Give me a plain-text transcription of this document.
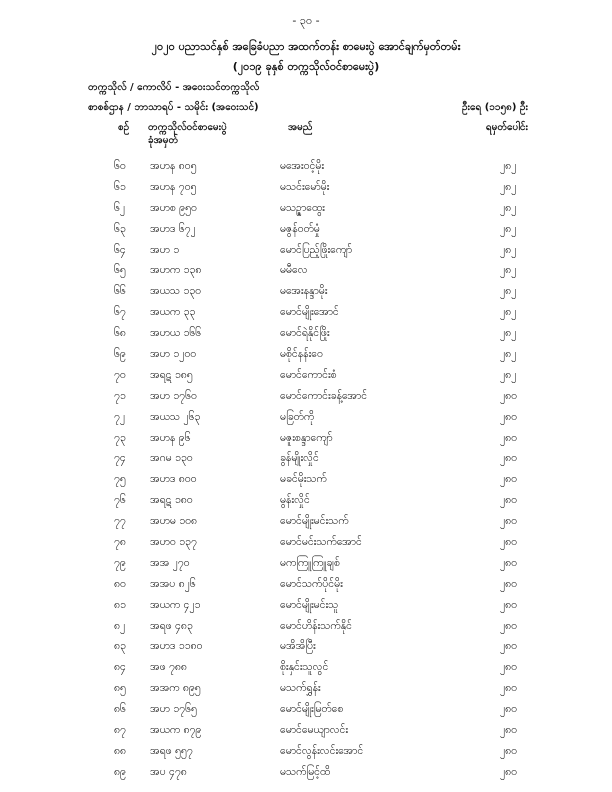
- ၃၀ -
၂၀၂၀ ပညာသင်နှစ် အခြေခံပညာ အထက်တန်း စာမေးပွဲ အောင်ချက်မှတ်တမ်း
(၂၀၁၉ ခုနှစ် တက္ကသိုလ်ဝင်စာမေးပွဲ)
တက္ကသိုလ် / ကောလိပ် - အဝေးသင်တက္ကသိုလ်
စာစစ်ဌာန / ဘာသာရပ် - သမိုင်း (အဝေးသင်)	ဦးရေ (၁၁၅၈) ဦး
စဉ် တက္ကသိုလ်ဝင်စာမေးပွဲ
ခုံအမှတ်
အမည်	ရမှတ်ပေါင်း
၆၀ အဟန ၈၀၅	မအေးဝင့်မိုး	၂၈၂
၆၁ အဟန ၇၀၅	မသင်းမော်မိုး	၂၈၂
၆၂ အဟစ ၉၅၀	မသဉ္ဇာထွေး	၂၈၂
၆၃ အဟဒ ၆၇၂	မဇွန်ဝတ်မှုံ	၂၈၂
၆၄ အဟ ၁	မောင်ပြည့်ဖြိုးကျော်	၂၈၂
၆၅ အဟက ၁၃၈	မမီလေ	၂၈၂
၆၆ အယသ ၁၃၀	မအေးနန္ဒာမိုး	၂၈၂
၆၇ အယက ၃၃	မောင်မျိုးအောင်	၂၈၂
၆၈ အဟယ ၁၆၆	မောင်ရဲနိုင်ဖြိုး	၂၈၂
၆၉ အဟ ၁၂၀၀	မစိုင်နန်းဝေ	၂၈၂
၇၀ အရဋ ၁၈၅	မောင်ကောင်းစံ	၂၈၂
၇၁ အဟ ၁၇၆၀	မောင်ကောင်းခန့်အောင်	၂၈၀
၇၂ အယသ ၂၆၃	မခြတ်ကို	၂၈၀
၇၃ အဟန ၉၆	မဇူးစန္ဒာကျော်	၂၈၀
၇၄ အဂမ ၁၃၀	ခွန်မျိုးလှိုင်	၂၈၀
၇၅ အဟဒ ၈၀၀	မခင်မိုးသက်	၂၈၀
၇၆ အရဋ ၁၈၀	မွန်းလှိုင်	၂၈၀
၇၇ အဟမ ၁၀၈	မောင်မျိုးမင်းသက်	၂၈၀
၇၈ အဟဝ ၁၃၇	မောင်မင်းသက်အောင်	၂၈၀
၇၉ အအ ၂၇၀	မကကြူကြူချစ်	၂၈၀
၈၀ အအပ ၈၂၆	မောင်သက်ပိုင်မိုး	၂၈၀
၈၁ အယက ၄၂၁	မောင်မျိုးမင်းသူ	၂၈၀
၈၂ အရဖ ၄၈၃	မောင်ဟိန်းသက်နိုင်	၂၈၀
၈၃ အဟဒ ၁၁၈၀	မအိအိပြီး	၂၈၀
၈၄ အဖ ၇၈၈	စိုးနှင်းသူလွင်	၂၈၀
၈၅ အအက ၈၉၅	မသက်ရွှန်း	၂၈၀
၈၆ အဟ ၁၇၆၅	မောင်မျိုးမြတ်စေ	၂၈၀
၈၇ အယက ၈၇၉	မောင်မေယျာလင်း	၂၈၀
၈၈ အရဖ ၅၅၇	မောင်လွန်းလင်းအောင်	၂၈၀
၈၉ အပ ၄၇၈	မသက်မြင့်ထိ	၂၈၀
